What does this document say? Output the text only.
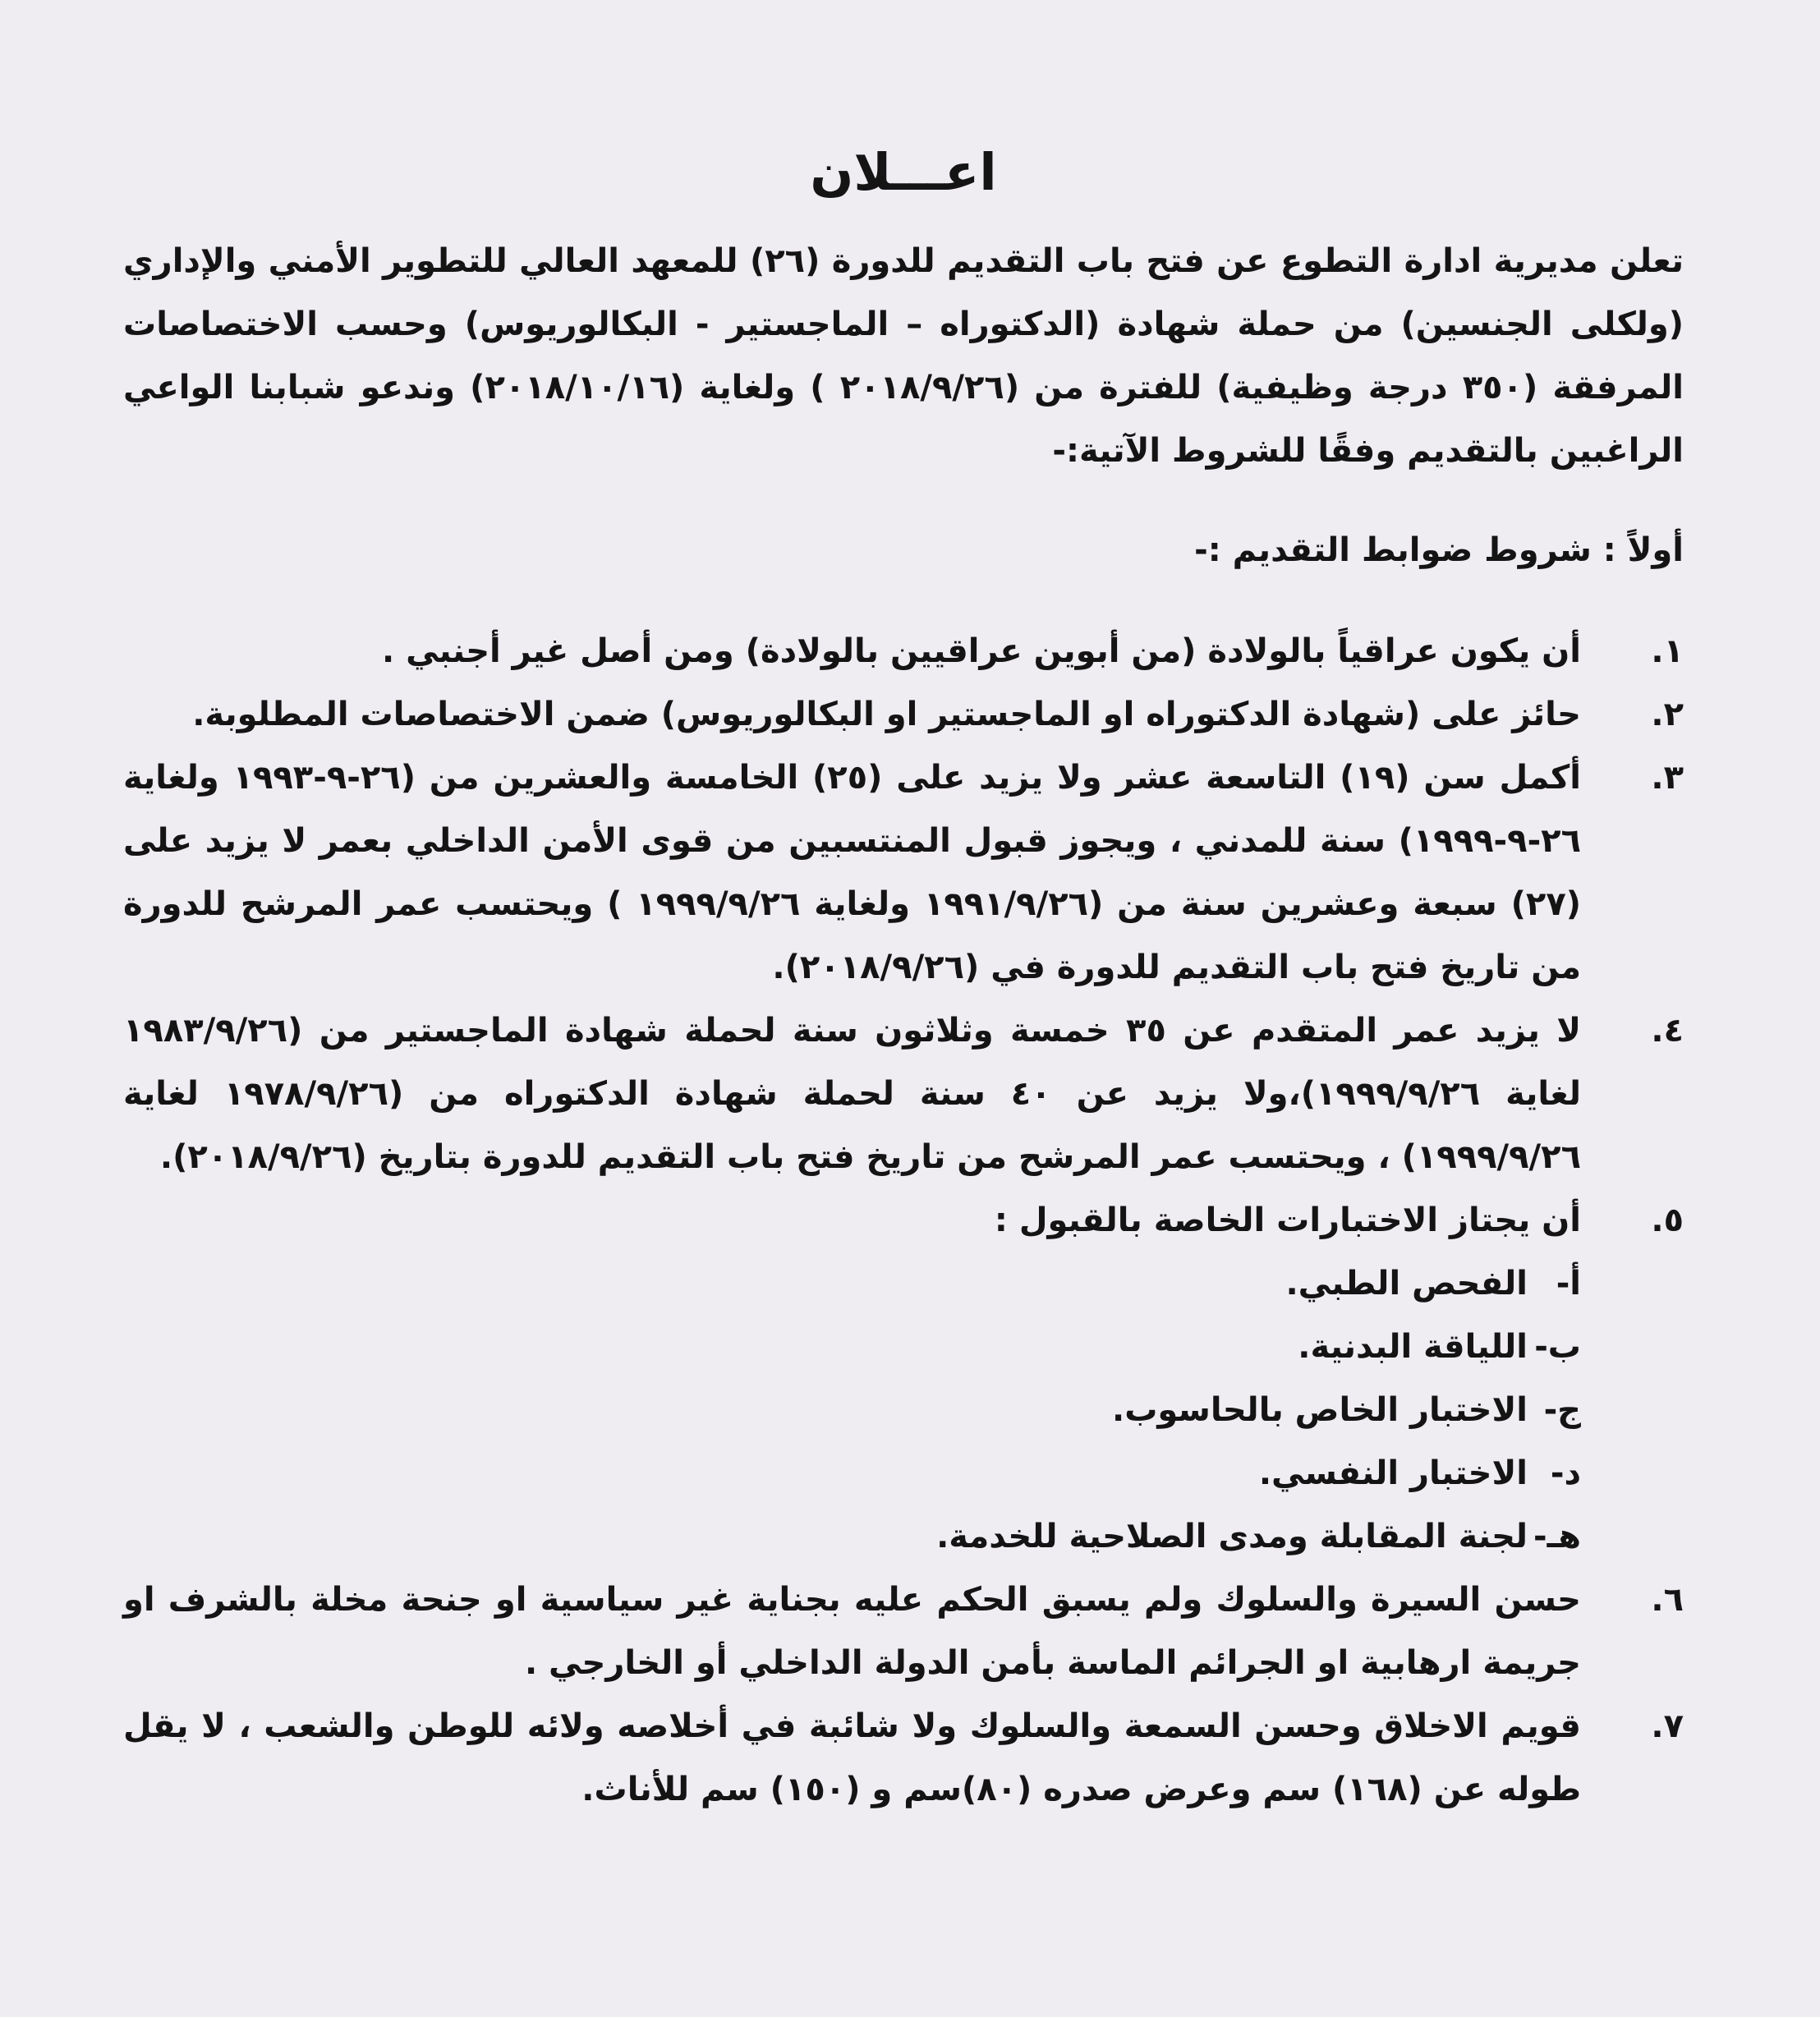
اعـــلان

تعلن مديرية ادارة التطوع عن فتح باب التقديم للدورة (٢٦) للمعهد العالي للتطوير الأمني والإداري (ولكلى الجنسين) من حملة شهادة (الدكتوراه – الماجستير - البكالوريوس) وحسب الاختصاصات المرفقة (٣٥٠ درجة وظيفية) للفترة من (٢٠١٨/٩/٢٦ ) ولغاية (٢٠١٨/١٠/١٦) وندعو شبابنا الواعي الراغبين بالتقديم وفقًا للشروط الآتية:-

أولاً : شروط ضوابط التقديم :-
١.
أن يكون عراقياً بالولادة (من أبوين عراقيين بالولادة) ومن أصل غير أجنبي .
٢.
حائز على (شهادة الدكتوراه او الماجستير او البكالوريوس) ضمن الاختصاصات المطلوبة.
٣.
أكمل سن (١٩) التاسعة عشر ولا يزيد على (٢٥) الخامسة والعشرين من (٢٦-٩-١٩٩٣ ولغاية ٢٦-٩-١٩٩٩) سنة للمدني ، ويجوز قبول المنتسبين من قوى الأمن الداخلي بعمر لا يزيد على (٢٧) سبعة وعشرين سنة من (١٩٩١/٩/٢٦ ولغاية ١٩٩٩/٩/٢٦ ) ويحتسب عمر المرشح للدورة من تاريخ فتح باب التقديم للدورة في (٢٠١٨/٩/٢٦).
٤.
لا يزيد عمر المتقدم عن ٣٥ خمسة وثلاثون سنة لحملة شهادة الماجستير من (١٩٨٣/٩/٢٦ لغاية ١٩٩٩/٩/٢٦)،ولا يزيد عن ٤٠ سنة لحملة شهادة الدكتوراه من (١٩٧٨/٩/٢٦ لغاية ١٩٩٩/٩/٢٦) ، ويحتسب عمر المرشح من تاريخ فتح باب التقديم للدورة بتاريخ (٢٠١٨/٩/٢٦).
٥.
أن يجتاز الاختبارات الخاصة بالقبول :
أ-
الفحص الطبي.
ب-
اللياقة البدنية.
ج-
الاختبار الخاص بالحاسوب.
د-
الاختبار النفسي.
هـ-
لجنة المقابلة ومدى الصلاحية للخدمة.
٦.
حسن السيرة والسلوك ولم يسبق الحكم عليه بجناية غير سياسية او جنحة مخلة بالشرف او جريمة ارهابية او الجرائم الماسة بأمن الدولة الداخلي أو الخارجي .
٧.
قويم الاخلاق وحسن السمعة والسلوك ولا شائبة في أخلاصه ولائه للوطن والشعب ، لا يقل طوله عن (١٦٨) سم وعرض صدره (٨٠)سم و (١٥٠) سم للأناث.
